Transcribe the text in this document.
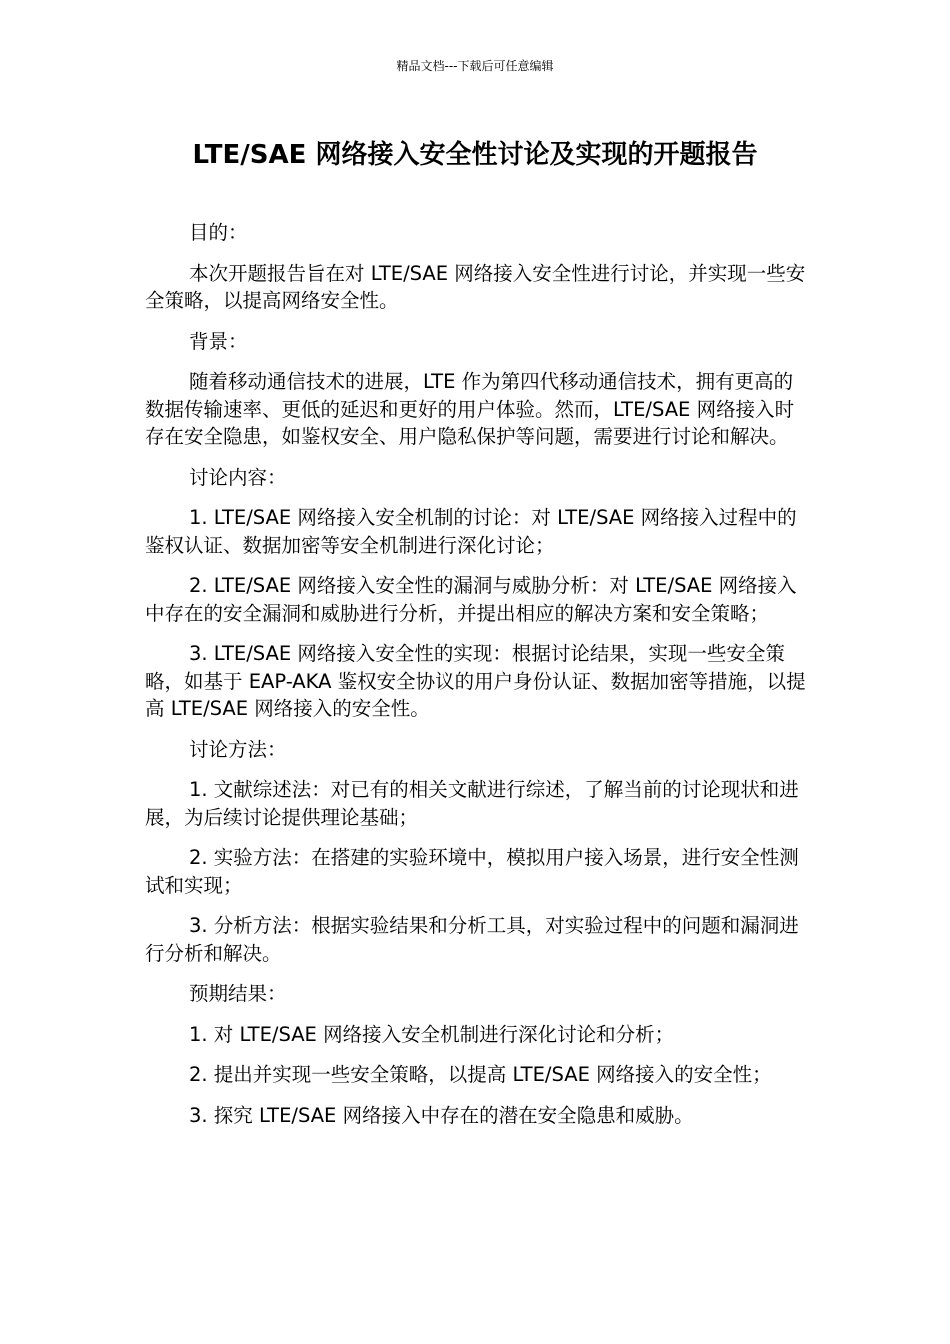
精品文档---下载后可任意编辑
LTE/SAE 网络接入安全性讨论及实现的开题报告

目的：

本次开题报告旨在对 LTE/SAE 网络接入安全性进行讨论，并实现一些安全策略，以提高网络安全性。

背景：

随着移动通信技术的进展，LTE 作为第四代移动通信技术，拥有更高的数据传输速率、更低的延迟和更好的用户体验。然而，LTE/SAE 网络接入时存在安全隐患，如鉴权安全、用户隐私保护等问题，需要进行讨论和解决。

讨论内容：

1. LTE/SAE 网络接入安全机制的讨论：对 LTE/SAE 网络接入过程中的鉴权认证、数据加密等安全机制进行深化讨论；

2. LTE/SAE 网络接入安全性的漏洞与威胁分析：对 LTE/SAE 网络接入中存在的安全漏洞和威胁进行分析，并提出相应的解决方案和安全策略；

3. LTE/SAE 网络接入安全性的实现：根据讨论结果，实现一些安全策略，如基于 EAP-AKA 鉴权安全协议的用户身份认证、数据加密等措施，以提高 LTE/SAE 网络接入的安全性。

讨论方法：

1. 文献综述法：对已有的相关文献进行综述，了解当前的讨论现状和进展，为后续讨论提供理论基础；

2. 实验方法：在搭建的实验环境中，模拟用户接入场景，进行安全性测试和实现；

3. 分析方法：根据实验结果和分析工具，对实验过程中的问题和漏洞进行分析和解决。

预期结果：

1. 对 LTE/SAE 网络接入安全机制进行深化讨论和分析；

2. 提出并实现一些安全策略，以提高 LTE/SAE 网络接入的安全性；

3. 探究 LTE/SAE 网络接入中存在的潜在安全隐患和威胁。
